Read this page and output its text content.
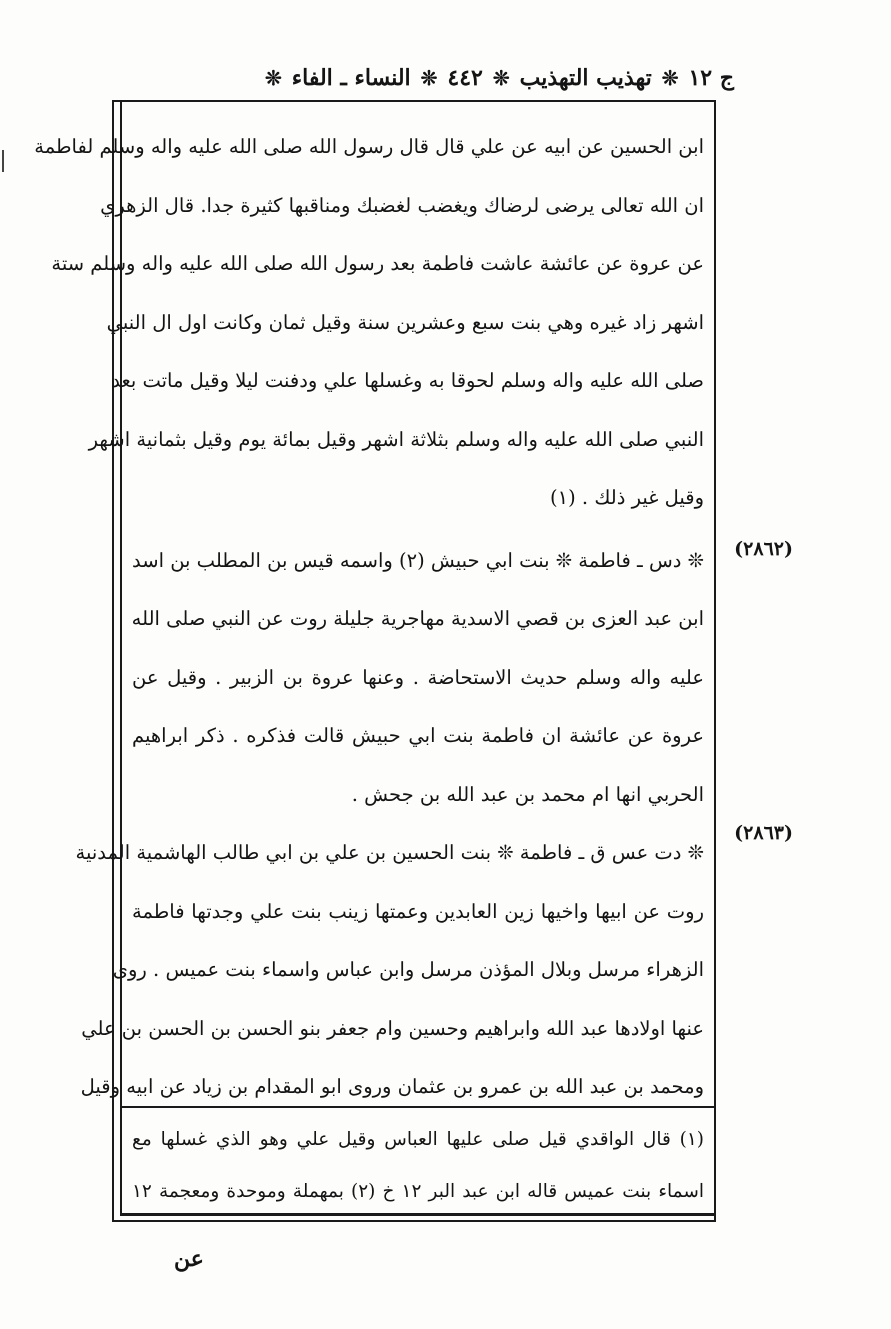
ج ١٢
❊
تهذيب التهذيب
❊
٤٤٢
❊
النساء ـ الفاء
❊
(٢٨٦٢)
(٢٨٦٣)
ابن الحسين عن ابيه عن علي قال قال رسول الله صلى الله عليه واله وسلم لفاطمة
ان الله تعالى يرضى لرضاك ويغضب لغضبك ومناقبها كثيرة جدا. قال الزهري
عن عروة عن عائشة عاشت فاطمة بعد رسول الله صلى الله عليه واله وسلم ستة
اشهر زاد غيره وهي بنت سبع وعشرين سنة وقيل ثمان وكانت اول ال النبي
صلى الله عليه واله وسلم لحوقا به وغسلها علي ودفنت ليلا وقيل ماتت بعد
النبي صلى الله عليه واله وسلم بثلاثة اشهر وقيل بمائة يوم وقيل بثمانية اشهر
وقيل غير ذلك . (١)
❊ دس ـ فاطمة ❊ بنت ابي حبيش (٢) واسمه قيس بن المطلب بن اسد
ابن عبد العزى بن قصي الاسدية مهاجرية جليلة روت عن النبي صلى الله
عليه واله وسلم حديث الاستحاضة . وعنها عروة بن الزبير . وقيل عن
عروة عن عائشة ان فاطمة بنت ابي حبيش قالت فذكره . ذكر ابراهيم
الحربي انها ام محمد بن عبد الله بن جحش .
❊ دت عس ق ـ فاطمة ❊ بنت الحسين بن علي بن ابي طالب الهاشمية المدنية
روت عن ابيها واخيها زين العابدين وعمتها زينب بنت علي وجدتها فاطمة
الزهراء مرسل وبلال المؤذن مرسل وابن عباس واسماء بنت عميس . روى
عنها اولادها عبد الله وابراهيم وحسين وام جعفر بنو الحسن بن الحسن بن علي
ومحمد بن عبد الله بن عمرو بن عثمان وروى ابو المقدام بن زياد عن ابيه وقيل
(١) قال الواقدي قيل صلى عليها العباس وقيل علي وهو الذي غسلها مع
اسماء بنت عميس قاله ابن عبد البر ١٢ خ (٢) بمهملة وموحدة ومعجمة ١٢
عن
